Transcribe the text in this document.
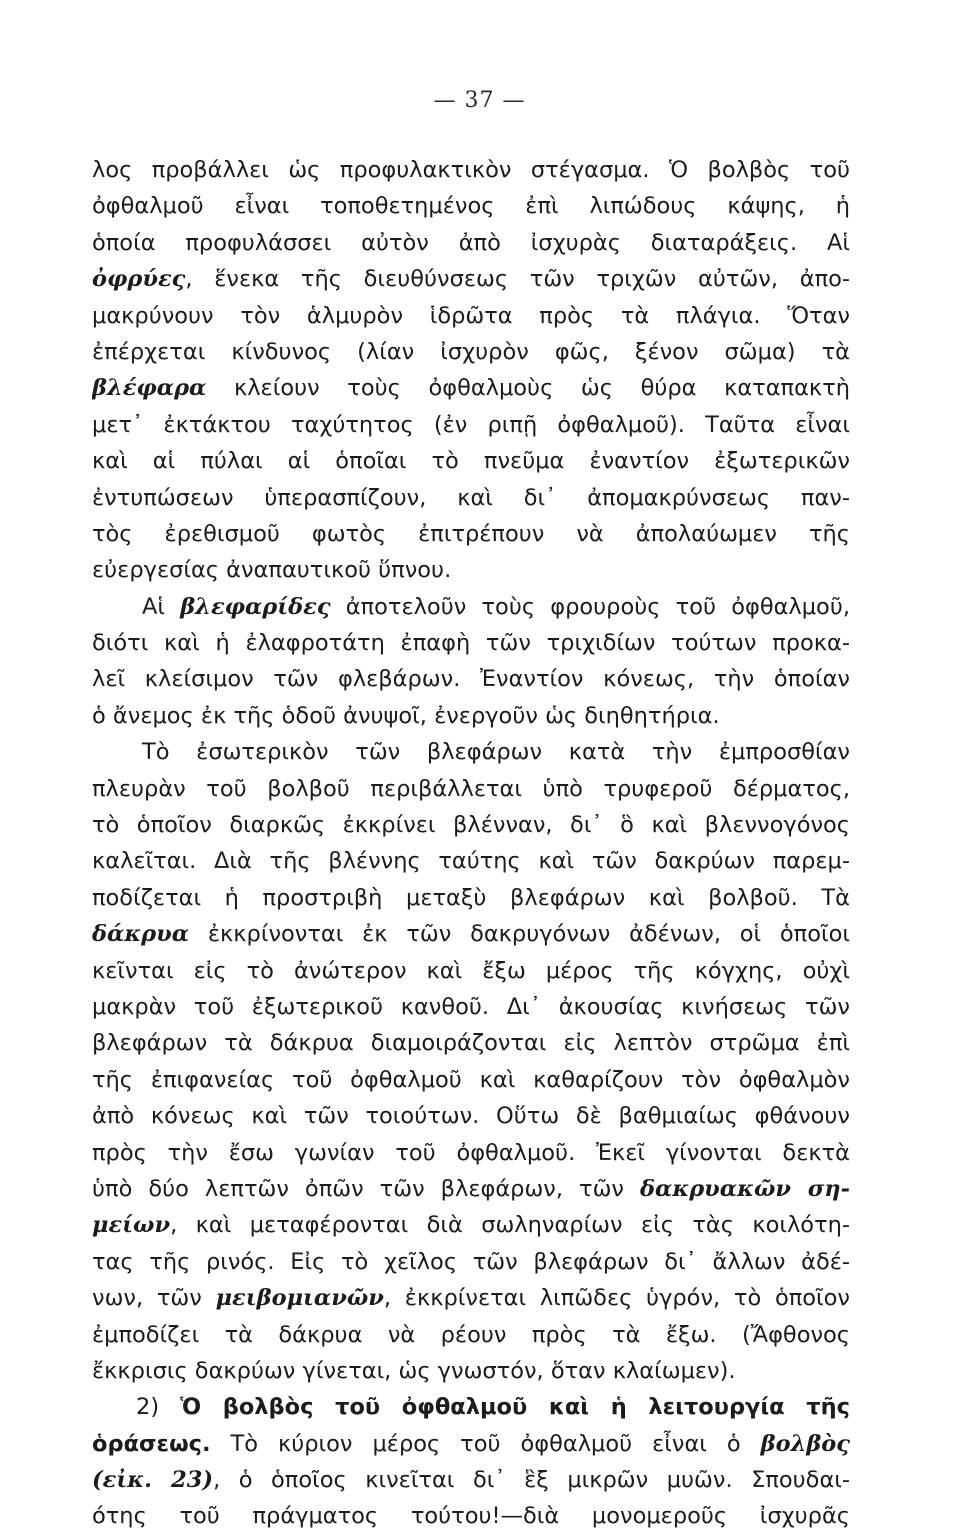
— 37 —
λος προβάλλει ὡς προφυλακτικὸν στέγασμα. Ὁ βολβὸς τοῦ
ὀφθαλμοῦ εἶναι τοποθετημένος ἐπὶ λιπώδους κάψης, ἡ
ὁποία προφυλάσσει αὐτὸν ἀπὸ ἰσχυρὰς διαταράξεις. Αἱ
ὀφρύες, ἕνεκα τῆς διευθύνσεως τῶν τριχῶν αὐτῶν, ἀπο-
μακρύνουν τὸν ἁλμυρὸν ἱδρῶτα πρὸς τὰ πλάγια. Ὅταν
ἐπέρχεται κίνδυνος (λίαν ἰσχυρὸν φῶς, ξένον σῶμα) τὰ
βλέφαρα κλείουν τοὺς ὀφθαλμοὺς ὡς θύρα καταπακτὴ
μετ᾽ ἐκτάκτου ταχύτητος (ἐν ριπῇ ὀφθαλμοῦ). Ταῦτα εἶναι
καὶ αἱ πύλαι αἱ ὁποῖαι τὸ πνεῦμα ἐναντίον ἐξωτερικῶν
ἐντυπώσεων ὑπερασπίζουν, καὶ δι᾽ ἀπομακρύνσεως παν-
τὸς ἐρεθισμοῦ φωτὸς ἐπιτρέπουν νὰ ἀπολαύωμεν τῆς
εὐεργεσίας ἀναπαυτικοῦ ὕπνου.
Αἱ βλεφαρίδες ἀποτελοῦν τοὺς φρουροὺς τοῦ ὀφθαλμοῦ,
διότι καὶ ἡ ἐλαφροτάτη ἐπαφὴ τῶν τριχιδίων τούτων προκα-
λεῖ κλείσιμον τῶν φλεβάρων. Ἐναντίον κόνεως, τὴν ὁποίαν
ὁ ἄνεμος ἐκ τῆς ὁδοῦ ἀνυψοῖ, ἐνεργοῦν ὡς διηθητήρια.
Τὸ ἐσωτερικὸν τῶν βλεφάρων κατὰ τὴν ἐμπροσθίαν
πλευρὰν τοῦ βολβοῦ περιβάλλεται ὑπὸ τρυφεροῦ δέρματος,
τὸ ὁποῖον διαρκῶς ἐκκρίνει βλένναν, δι᾽ ὃ καὶ βλεννογόνος
καλεῖται. Διὰ τῆς βλέννης ταύτης καὶ τῶν δακρύων παρεμ-
ποδίζεται ἡ προστριβὴ μεταξὺ βλεφάρων καὶ βολβοῦ. Τὰ
δάκρυα ἐκκρίνονται ἐκ τῶν δακρυγόνων ἀδένων, οἱ ὁποῖοι
κεῖνται εἰς τὸ ἀνώτερον καὶ ἔξω μέρος τῆς κόγχης, οὐχὶ
μακρὰν τοῦ ἐξωτερικοῦ κανθοῦ. Δι᾽ ἀκουσίας κινήσεως τῶν
βλεφάρων τὰ δάκρυα διαμοιράζονται εἰς λεπτὸν στρῶμα ἐπὶ
τῆς ἐπιφανείας τοῦ ὀφθαλμοῦ καὶ καθαρίζουν τὸν ὀφθαλμὸν
ἀπὸ κόνεως καὶ τῶν τοιούτων. Οὕτω δὲ βαθμιαίως φθάνουν
πρὸς τὴν ἔσω γωνίαν τοῦ ὀφθαλμοῦ. Ἐκεῖ γίνονται δεκτὰ
ὑπὸ δύο λεπτῶν ὀπῶν τῶν βλεφάρων, τῶν δακρυακῶν ση-
μείων, καὶ μεταφέρονται διὰ σωληναρίων εἰς τὰς κοιλότη-
τας τῆς ρινός. Εἰς τὸ χεῖλος τῶν βλεφάρων δι᾽ ἄλλων ἀδέ-
νων, τῶν μειβομιανῶν, ἐκκρίνεται λιπῶδες ὑγρόν, τὸ ὁποῖον
ἐμποδίζει τὰ δάκρυα νὰ ρέουν πρὸς τὰ ἔξω. (Ἄφθονος
ἔκκρισις δακρύων γίνεται, ὡς γνωστόν, ὅταν κλαίωμεν).
2) Ὁ βολβὸς τοῦ ὀφθαλμοῦ καὶ ἡ λειτουργία τῆς
ὁράσεως. Τὸ κύριον μέρος τοῦ ὀφθαλμοῦ εἶναι ὁ βολβὸς
(εἰκ. 23), ὁ ὁποῖος κινεῖται δι᾽ ἓξ μικρῶν μυῶν. Σπουδαι-
ότης τοῦ πράγματος τούτου!—διὰ μονομεροῦς ἰσχυρᾶς
